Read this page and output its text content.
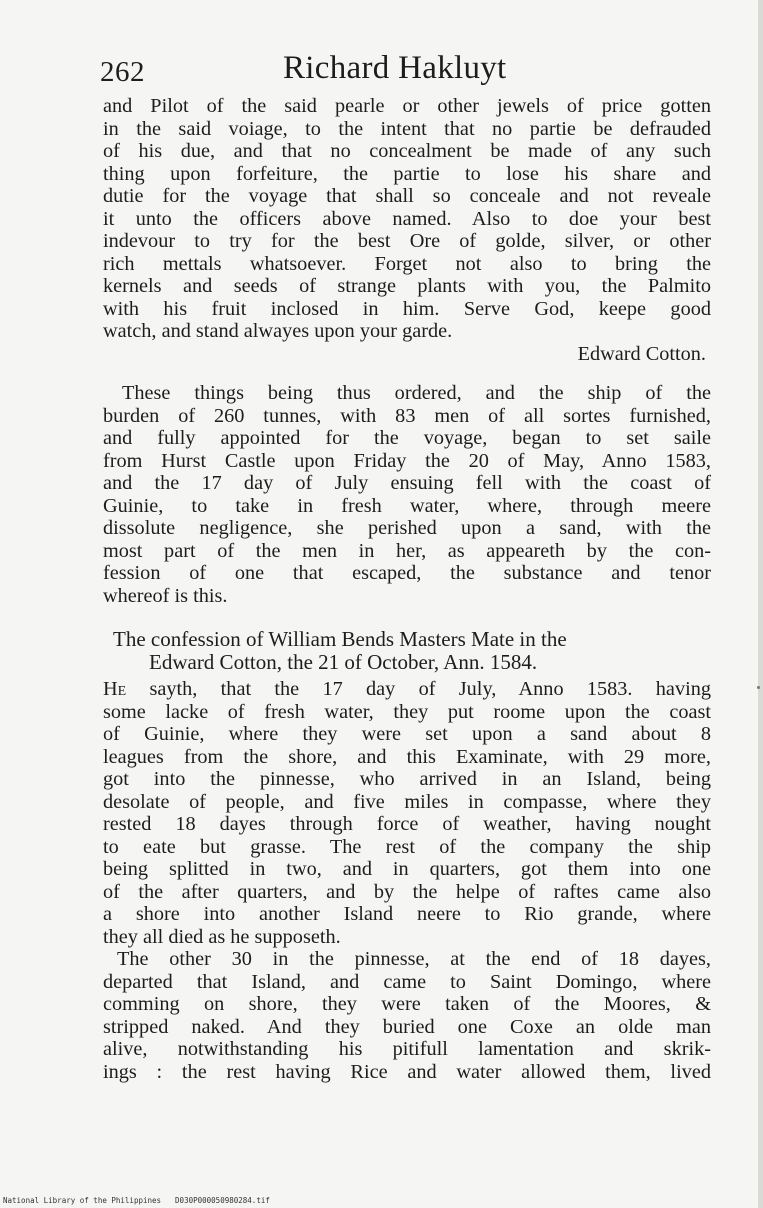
262	Richard Hakluyt
and Pilot of the said pearle or other jewels of price gotten
in the said voiage, to the intent that no partie be defrauded
of his due, and that no concealment be made of any such
thing upon forfeiture, the partie to lose his share and
dutie for the voyage that shall so conceale and not reveale
it unto the officers above named. Also to doe your best
indevour to try for the best Ore of golde, silver, or other
rich mettals whatsoever. Forget not also to bring the
kernels and seeds of strange plants with you, the Palmito
with his fruit inclosed in him. Serve God, keepe good
watch, and stand alwayes upon your garde.
Edward Cotton.
These things being thus ordered, and the ship of the
burden of 260 tunnes, with 83 men of all sortes furnished,
and fully appointed for the voyage, began to set saile
from Hurst Castle upon Friday the 20 of May, Anno 1583,
and the 17 day of July ensuing fell with the coast of
Guinie, to take in fresh water, where, through meere
dissolute negligence, she perished upon a sand, with the
most part of the men in her, as appeareth by the con-
fession of one that escaped, the substance and tenor
whereof is this.
The confession of William Bends Masters Mate in the
Edward Cotton, the 21 of October, Ann. 1584.
He sayth, that the 17 day of July, Anno 1583. having
some lacke of fresh water, they put roome upon the coast
of Guinie, where they were set upon a sand about 8
leagues from the shore, and this Examinate, with 29 more,
got into the pinnesse, who arrived in an Island, being
desolate of people, and five miles in compasse, where they
rested 18 dayes through force of weather, having nought
to eate but grasse. The rest of the company the ship
being splitted in two, and in quarters, got them into one
of the after quarters, and by the helpe of raftes came also
a shore into another Island neere to Rio grande, where
they all died as he supposeth.
The other 30 in the pinnesse, at the end of 18 dayes,
departed that Island, and came to Saint Domingo, where
comming on shore, they were taken of the Moores, &
stripped naked. And they buried one Coxe an olde man
alive, notwithstanding his pitifull lamentation and skrik-
ings : the rest having Rice and water allowed them, lived
National Library of the Philippines D030P000050980284.tif
